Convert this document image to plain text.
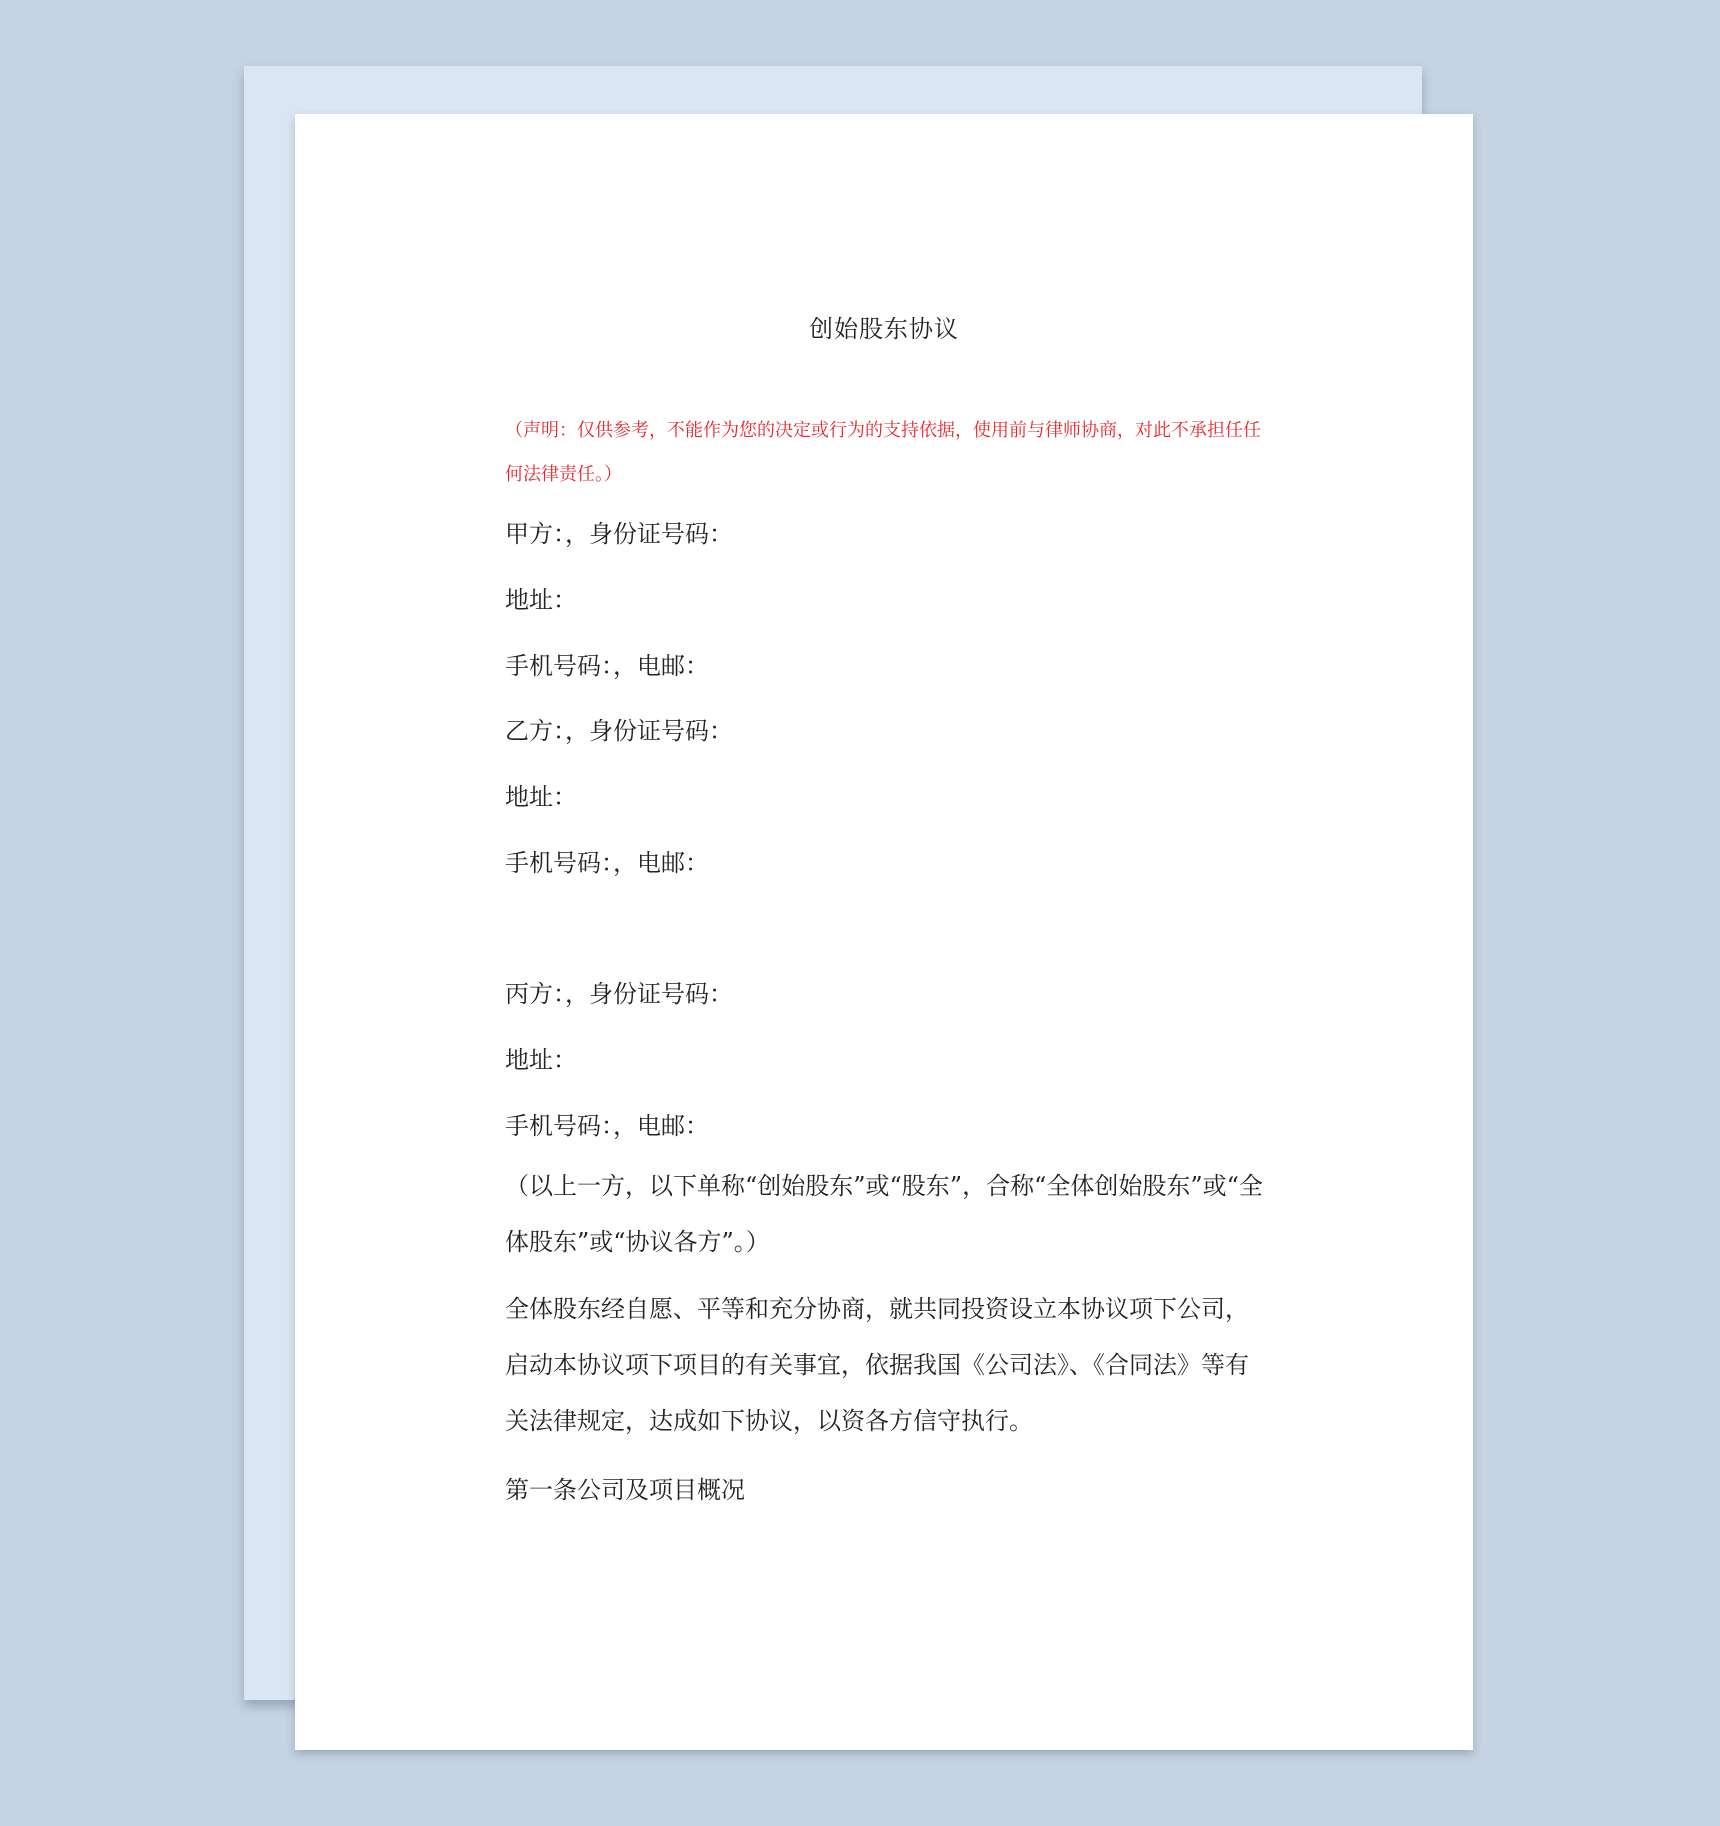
创始股东协议
（声明：仅供参考，不能作为您的决定或行为的支持依据，使用前与律师协商，对此不承担任任何法律责任。）
甲方：，身份证号码：
地址：
手机号码：，电邮：
乙方：，身份证号码：
地址：
手机号码：，电邮：
丙方：，身份证号码：
地址：
手机号码：，电邮：
（以上一方，以下单称“创始股东”或“股东”，合称“全体创始股东”或“全体股东”或“协议各方”。）
全体股东经自愿、平等和充分协商，就共同投资设立本协议项下公司，启动本协议项下项目的有关事宜，依据我国《公司法》、《合同法》等有关法律规定，达成如下协议，以资各方信守执行。
第一条公司及项目概况
